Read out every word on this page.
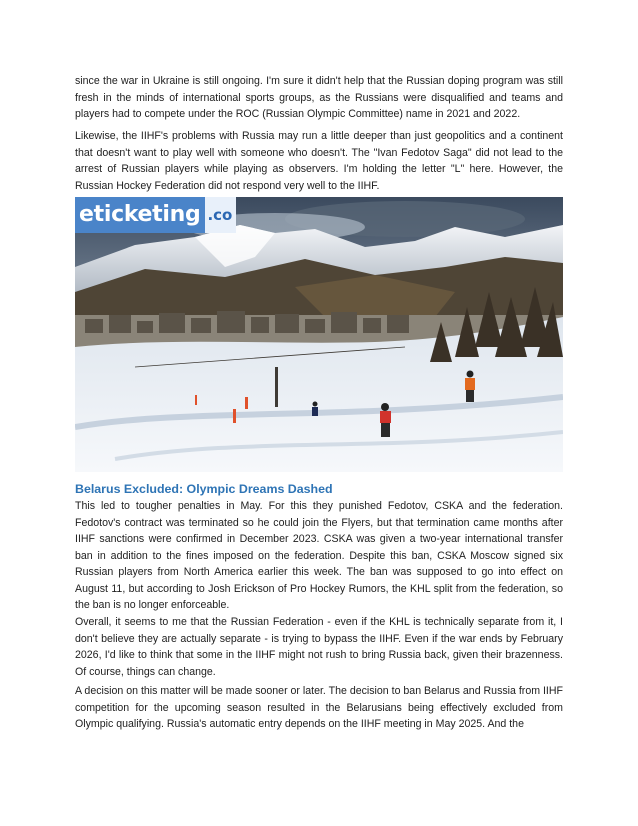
since the war in Ukraine is still ongoing. I'm sure it didn't help that the Russian doping program was still fresh in the minds of international sports groups, as the Russians were disqualified and teams and players had to compete under the ROC (Russian Olympic Committee) name in 2021 and 2022.

Likewise, the IIHF's problems with Russia may run a little deeper than just geopolitics and a continent that doesn't want to play well with someone who doesn't. The "Ivan Fedotov Saga" did not lead to the arrest of Russian players while playing as observers. I'm holding the letter "L" here. However, the Russian Hockey Federation did not respond very well to the IIHF.

eticketing .co
Belarus Excluded: Olympic Dreams Dashed

This led to tougher penalties in May. For this they punished Fedotov, CSKA and the federation. Fedotov's contract was terminated so he could join the Flyers, but that termination came months after IIHF sanctions were confirmed in December 2023. CSKA was given a two-year international transfer ban in addition to the fines imposed on the federation. Despite this ban, CSKA Moscow signed six Russian players from North America earlier this week. The ban was supposed to go into effect on August 11, but according to Josh Erickson of Pro Hockey Rumors, the KHL split from the federation, so the ban is no longer enforceable.

Overall, it seems to me that the Russian Federation - even if the KHL is technically separate from it, I don't believe they are actually separate - is trying to bypass the IIHF. Even if the war ends by February 2026, I'd like to think that some in the IIHF might not rush to bring Russia back, given their brazenness. Of course, things can change.

A decision on this matter will be made sooner or later. The decision to ban Belarus and Russia from IIHF competition for the upcoming season resulted in the Belarusians being effectively excluded from Olympic qualifying. Russia's automatic entry depends on the IIHF meeting in May 2025. And the
